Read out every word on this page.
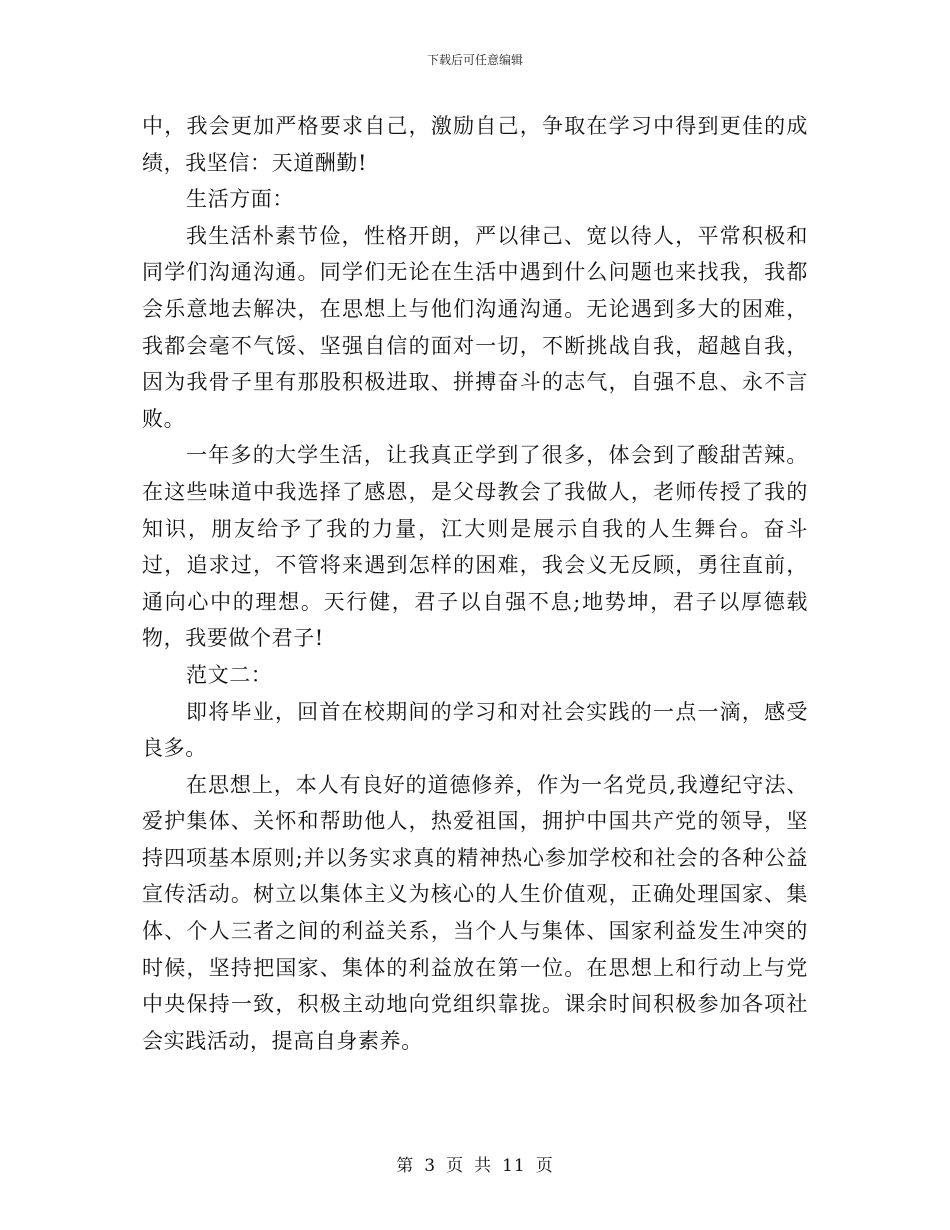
下载后可任意编辑

中，我会更加严格要求自己，激励自己，争取在学习中得到更佳的成绩，我坚信：天道酬勤!

生活方面：

我生活朴素节俭，性格开朗，严以律己、宽以待人，平常积极和同学们沟通沟通。同学们无论在生活中遇到什么问题也来找我，我都会乐意地去解决，在思想上与他们沟通沟通。无论遇到多大的困难，我都会毫不气馁、坚强自信的面对一切，不断挑战自我，超越自我，因为我骨子里有那股积极进取、拼搏奋斗的志气，自强不息、永不言败。

一年多的大学生活，让我真正学到了很多，体会到了酸甜苦辣。在这些味道中我选择了感恩，是父母教会了我做人，老师传授了我的知识，朋友给予了我的力量，江大则是展示自我的人生舞台。奋斗过，追求过，不管将来遇到怎样的困难，我会义无反顾，勇往直前，通向心中的理想。天行健，君子以自强不息;地势坤，君子以厚德载物，我要做个君子!

范文二：

即将毕业，回首在校期间的学习和对社会实践的一点一滴，感受良多。

在思想上，本人有良好的道德修养，作为一名党员,我遵纪守法、爱护集体、关怀和帮助他人，热爱祖国，拥护中国共产党的领导，坚持四项基本原则;并以务实求真的精神热心参加学校和社会的各种公益宣传活动。树立以集体主义为核心的人生价值观，正确处理国家、集体、个人三者之间的利益关系，当个人与集体、国家利益发生冲突的时候，坚持把国家、集体的利益放在第一位。在思想上和行动上与党中央保持一致，积极主动地向党组织靠拢。课余时间积极参加各项社会实践活动，提高自身素养。

第 3 页 共 11 页
